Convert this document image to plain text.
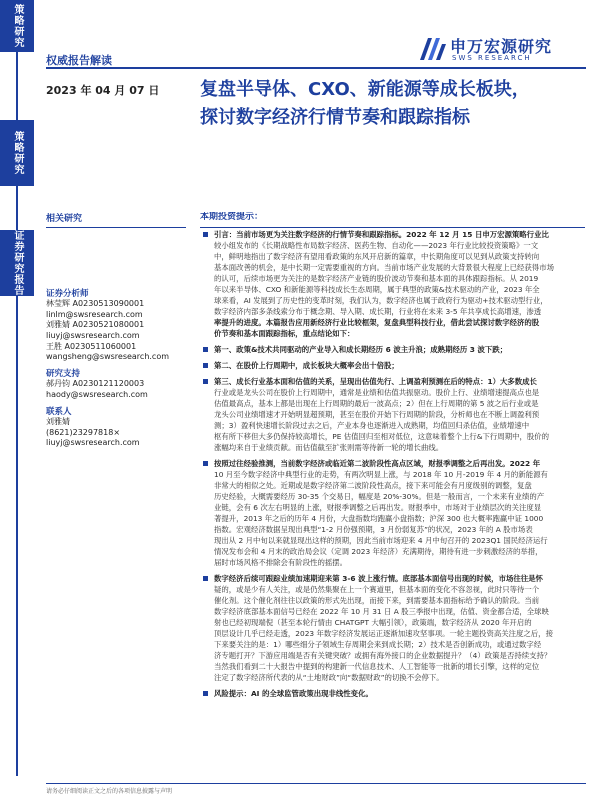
策略研究
策略研究
证券研究报告
权威报告解读
2023 年 04 月 07 日
申万宏源研究
SWS RESEARCH
复盘半导体、CXO、新能源等成长板块，
探讨数字经济行情节奏和跟踪指标
相关研究
证券分析师
林莹辉 A0230513090001
linlm@swsresearch.com
刘雅婧 A0230521080001
liuyj@swsresearch.com
王胜 A0230511060001
wangsheng@swsresearch.com
研究支持
郝丹钧 A0230121120003
haody@swsresearch.com
联系人
刘雅婧
(8621)23297818×
liuyj@swsresearch.com
本期投资提示：
引言：当前市场更为关注数字经济的行情节奏和跟踪指标。2022 年 12 月 15 日申万宏源策略行业比
较小组发布的《长期战略性布局数字经济、医药生物、自动化——2023 年行业比较投资策略》一文
中，鲜明地指出了数字经济有望用看政策的东风开启新的篇章，中长期角度可以见到从政策支持转向
基本面改善的机会，是中长期一定需要重视的方向。当前市场产业发展的大背景很大程度上已经获得市场
的认可，后续市场更为关注的是数字经济产业链的股价波动节奏和基本面的具体跟踪指标。从 2019
年以来半导体、CXO 和新能源等科技成长生态周期，属于典型的政策&技术驱动的产业，2023 年全
球来看，AI 发展到了历史性的变革时刻，我们认为，数字经济也属于政府行为驱动+技术驱动型行业，
数字经济内部多条线索分布于概念期、导入期、成长期，行业将在未来 3-5 年共享成长高增速，渗透
率提升的进度。本篇报告应用新经济行业比较框架，复盘典型科技行业，借此尝试探讨数字经济的股
价节奏和基本面跟踪指标，重点结论如下：
第一、政策&技术共同驱动的产业导入和成长期经历 6 波主升浪；成熟期经历 3 波下跌；
第二、在股价上行周期中，成长板块大概率会出十倍股；
第三、成长行业基本面和估值的关系，呈现出估值先行、上调盈利预测在后的特点：1）大多数成长
行业或是龙头公司在股价上行周期中，通常是业绩和估值共振驱动。股价上行、业绩增速提高点也是
估值最高点，基本上都是出现在上行周期的最后一波高点；2）但在上行周期的第 5 波之后行业或是
龙头公司业绩增速才开始明显超预期，甚至在股价开始下行周期的阶段，分析师也在不断上调盈利预
测；3）盈利快速增长阶段过去之后，产业本身也逐渐进入成熟期，均值回归杀估值，业绩增速中
枢有所下移但大多仍保持较高增长，PE 估值回归至相对低位，这意味着整个上行&下行周期中，股价的
涨幅均来自于业绩贡献。而估值截至扩张则需等待新一轮的增长曲线。
按照过往经验推测，当前数字经济或临近第二波阶段性高点区域，财报季调整之后再出发。2022 年
10 月至今数字经济中典型行业的走势，有两次明显上涨，与 2018 年 10 月-2019 年 4 月的新能源有
非常大的相似之处。近期或是数字经济第二波阶段性高点，接下来可能会有月度级别的调整，复盘
历史经验，大概需要经历 30-35 个交易日，幅度是 20%-30%。但是一般而言，一个未来有业绩的产
业链，会有 6 次左右明显的上涨，财报季调整之后再出发。财报季中，市场对于业绩层次的关注度显
著提升，2013 年之后的历年 4 月份，大盘指数均跑赢小盘指数；沪深 300 也大概率跑赢中证 1000
指数。宏观经济数据呈现出典型“1-2 月份强预期，3 月份弱复苏”的状况，2023 年的 A 股市场表
现出从 2 月中旬以来就显现出这样的预期，因此当前市场迎来 4 月中旬召开的 2023Q1 国民经济运行
情况发布会和 4 月末的政治局会议（定调 2023 年经济）充满期待，期待有进一步刺激经济的举措，
届时市场风格不排除会有阶段性的摇摆。
数字经济后续可跟踪业绩加速期迎来第 3-6 波上涨行情。底部基本面信号出现的时候，市场往往是怀
疑的，或是少有人关注，或是仍然集聚在上一个赛道里，但基本面的变化不容忽视，此时只等待一个
催化剂。这个催化剂往往以政策的形式先出现，而接下来，到需要基本面指标给予确认的阶段。当前
数字经济底部基本面信号已经在 2022 年 10 月 31 日 A 股三季报中出现，估值、资金都合适，全球映
射也已经初现端倪（甚至本轮行情由 CHATGPT 大幅引领），政策端，数字经济从 2020 年开启的
顶层设计几乎已经走透，2023 年数字经济发展运正逐渐加速攻坚事项。一轮主题投资高关注度之后，接
下来要关注的是：1）哪些细分子领域生存周期会来到成长期；2）技术是否创新成功，或通过数字经
济专题打开？下游应用端是否有关键突破？或拥有海外接口的企业数据提升？（4）政策是否持续支持？
当然我们看到二十大报告中提到的构建新一代信息技术、人工智能等一批新的增长引擎，这样的定位
注定了数字经济所代表的从“土地财政”向“数据财政”的切换不会停下。
风险提示：AI 的全球监管政策出现非线性变化。
请务必仔细阅读正文之后的各项信息披露与声明
